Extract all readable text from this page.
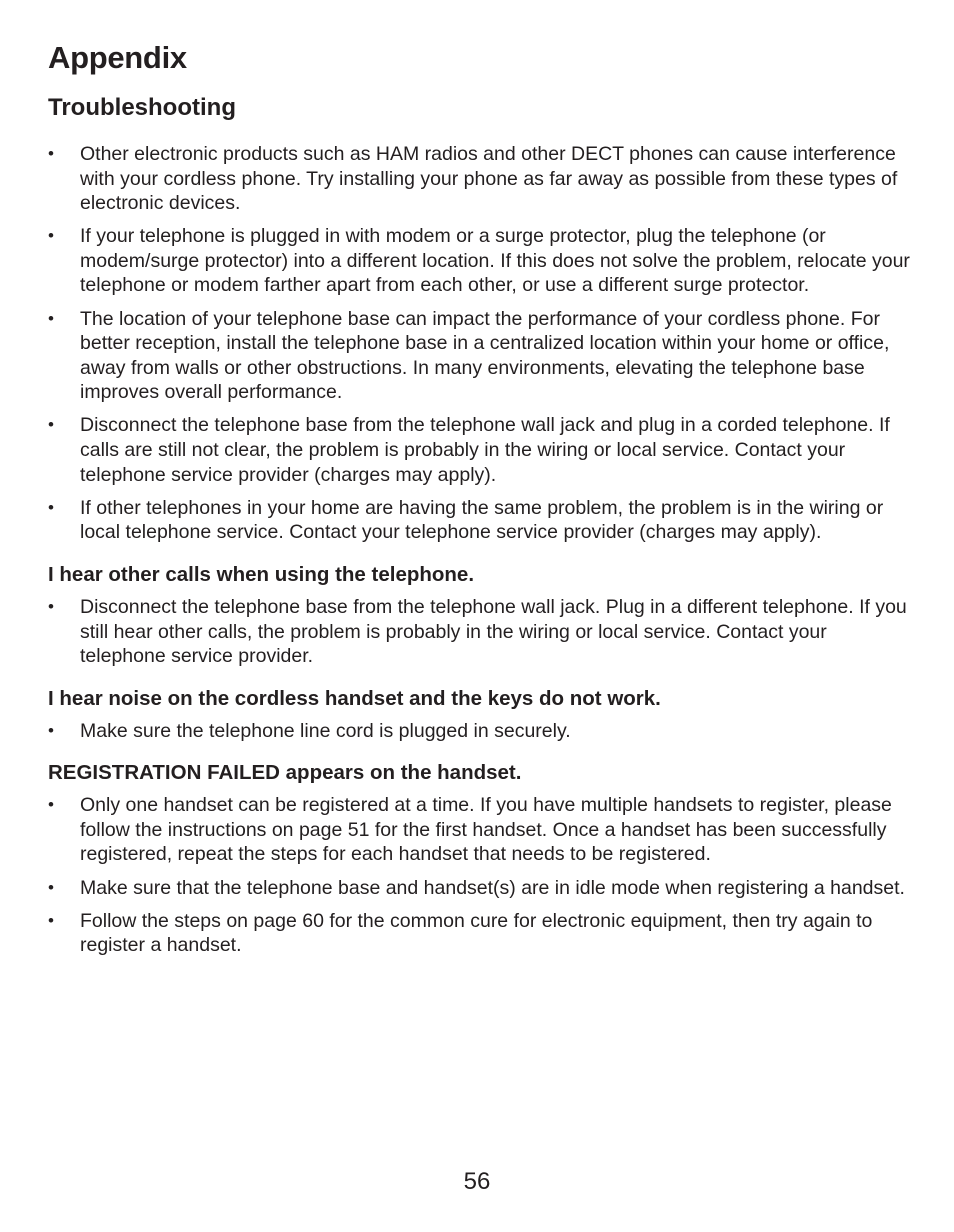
Appendix
Troubleshooting
• Other electronic products such as HAM radios and other DECT phones can cause interference with your cordless phone. Try installing your phone as far away as possible from these types of electronic devices.
• If your telephone is plugged in with modem or a surge protector, plug the telephone (or modem/surge protector) into a different location. If this does not solve the problem, relocate your telephone or modem farther apart from each other, or use a different surge protector.
• The location of your telephone base can impact the performance of your cordless phone. For better reception, install the telephone base in a centralized location within your home or office, away from walls or other obstructions. In many environments, elevating the telephone base improves overall performance.
• Disconnect the telephone base from the telephone wall jack and plug in a corded telephone. If calls are still not clear, the problem is probably in the wiring or local service. Contact your telephone service provider (charges may apply).
• If other telephones in your home are having the same problem, the problem is in the wiring or local telephone service. Contact your telephone service provider (charges may apply).
I hear other calls when using the telephone.
• Disconnect the telephone base from the telephone wall jack. Plug in a different telephone. If you still hear other calls, the problem is probably in the wiring or local service. Contact your telephone service provider.
I hear noise on the cordless handset and the keys do not work.
• Make sure the telephone line cord is plugged in securely.
REGISTRATION FAILED appears on the handset.
• Only one handset can be registered at a time. If you have multiple handsets to register, please follow the instructions on page 51 for the first handset. Once a handset has been successfully registered, repeat the steps for each handset that needs to be registered.
• Make sure that the telephone base and handset(s) are in idle mode when registering a handset.
• Follow the steps on page 60 for the common cure for electronic equipment, then try again to register a handset.
56
